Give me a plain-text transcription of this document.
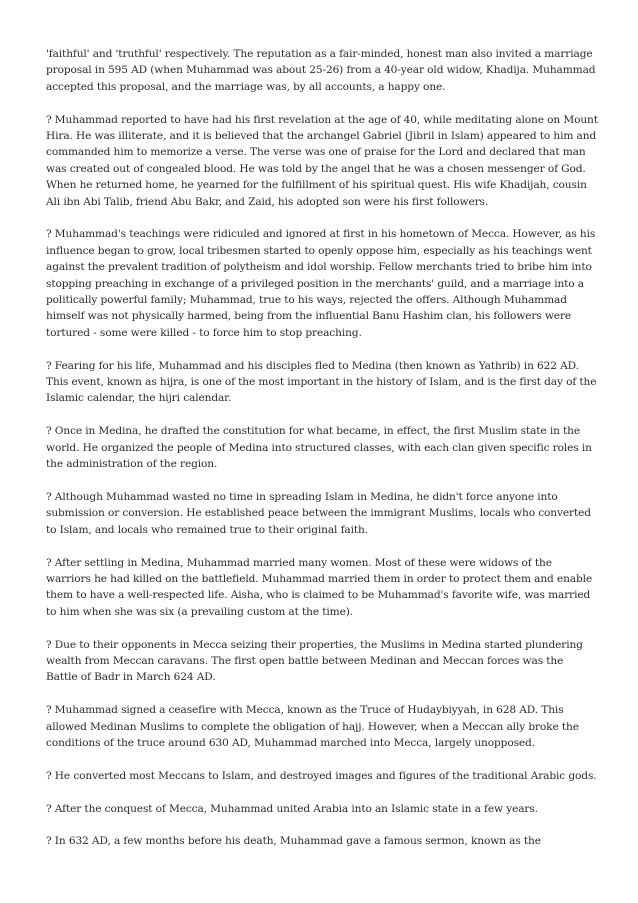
'faithful' and 'truthful' respectively. The reputation as a fair-minded, honest man also invited a marriage proposal in 595 AD (when Muhammad was about 25-26) from a 40-year old widow, Khadija. Muhammad accepted this proposal, and the marriage was, by all accounts, a happy one.

? Muhammad reported to have had his first revelation at the age of 40, while meditating alone on Mount Hira. He was illiterate, and it is believed that the archangel Gabriel (Jibril in Islam) appeared to him and commanded him to memorize a verse. The verse was one of praise for the Lord and declared that man was created out of congealed blood. He was told by the angel that he was a chosen messenger of God. When he returned home, he yearned for the fulfillment of his spiritual quest. His wife Khadijah, cousin Ali ibn Abi Talib, friend Abu Bakr, and Zaid, his adopted son were his first followers.

? Muhammad's teachings were ridiculed and ignored at first in his hometown of Mecca. However, as his influence began to grow, local tribesmen started to openly oppose him, especially as his teachings went against the prevalent tradition of polytheism and idol worship. Fellow merchants tried to bribe him into stopping preaching in exchange of a privileged position in the merchants' guild, and a marriage into a politically powerful family; Muhammad, true to his ways, rejected the offers. Although Muhammad himself was not physically harmed, being from the influential Banu Hashim clan, his followers were tortured - some were killed - to force him to stop preaching.

? Fearing for his life, Muhammad and his disciples fled to Medina (then known as Yathrib) in 622 AD. This event, known as hijra, is one of the most important in the history of Islam, and is the first day of the Islamic calendar, the hijri calendar.

? Once in Medina, he drafted the constitution for what became, in effect, the first Muslim state in the world. He organized the people of Medina into structured classes, with each clan given specific roles in the administration of the region.

? Although Muhammad wasted no time in spreading Islam in Medina, he didn't force anyone into submission or conversion. He established peace between the immigrant Muslims, locals who converted to Islam, and locals who remained true to their original faith.

? After settling in Medina, Muhammad married many women. Most of these were widows of the warriors he had killed on the battlefield. Muhammad married them in order to protect them and enable them to have a well-respected life. Aisha, who is claimed to be Muhammad's favorite wife, was married to him when she was six (a prevailing custom at the time).

? Due to their opponents in Mecca seizing their properties, the Muslims in Medina started plundering wealth from Meccan caravans. The first open battle between Medinan and Meccan forces was the Battle of Badr in March 624 AD.

? Muhammad signed a ceasefire with Mecca, known as the Truce of Hudaybiyyah, in 628 AD. This allowed Medinan Muslims to complete the obligation of hajj. However, when a Meccan ally broke the conditions of the truce around 630 AD, Muhammad marched into Mecca, largely unopposed.

? He converted most Meccans to Islam, and destroyed images and figures of the traditional Arabic gods.

? After the conquest of Mecca, Muhammad united Arabia into an Islamic state in a few years.

? In 632 AD, a few months before his death, Muhammad gave a famous sermon, known as the
